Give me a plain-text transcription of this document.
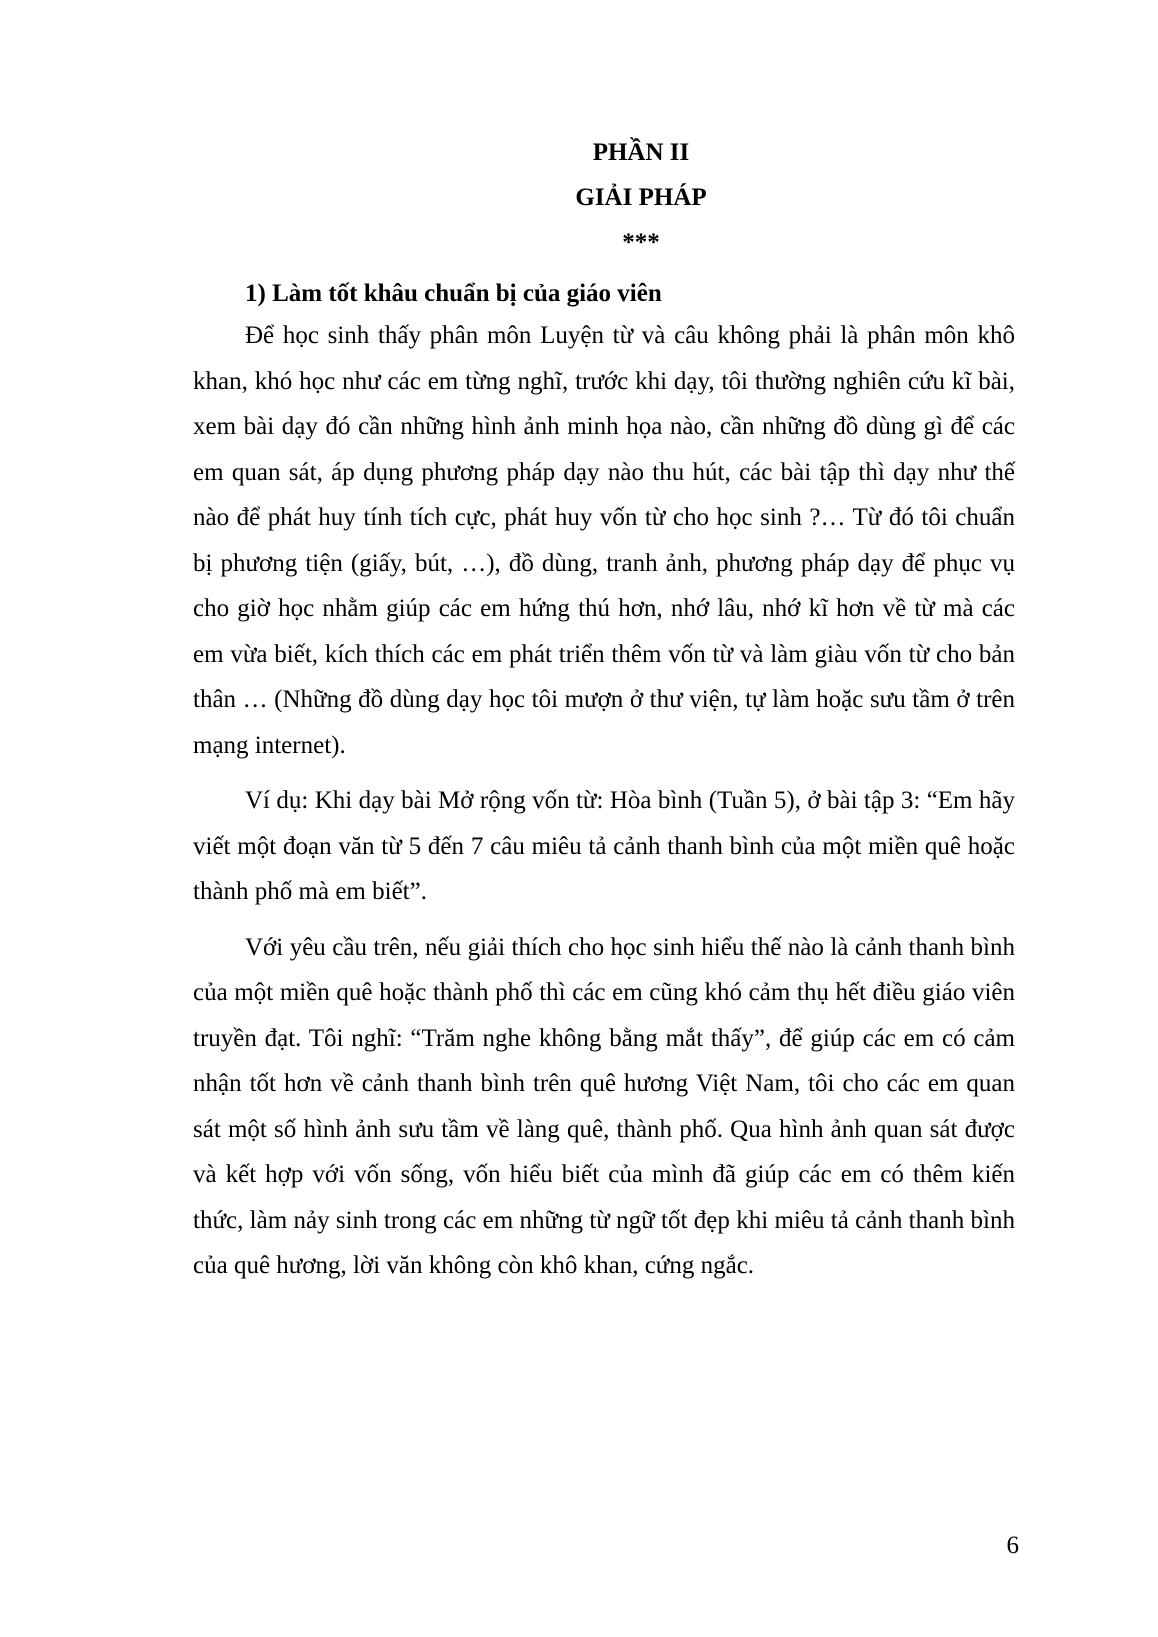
PHẦN II
GIẢI PHÁP
***
1) Làm tốt khâu chuẩn bị của giáo viên

Để học sinh thấy phân môn Luyện từ và câu không phải là phân môn khô khan, khó học như các em từng nghĩ, trước khi dạy, tôi thường nghiên cứu kĩ bài, xem bài dạy đó cần những hình ảnh minh họa nào, cần những đồ dùng gì để các em quan sát, áp dụng phương pháp dạy nào thu hút, các bài tập thì dạy như thế nào để phát huy tính tích cực, phát huy vốn từ cho học sinh ?… Từ đó tôi chuẩn bị phương tiện (giấy, bút, …), đồ dùng, tranh ảnh, phương pháp dạy để phục vụ cho giờ học nhằm giúp các em hứng thú hơn, nhớ lâu, nhớ kĩ hơn về từ mà các em vừa biết, kích thích các em phát triển thêm vốn từ và làm giàu vốn từ cho bản thân … (Những đồ dùng dạy học tôi mượn ở thư viện, tự làm hoặc sưu tầm ở trên mạng internet).

Ví dụ: Khi dạy bài Mở rộng vốn từ: Hòa bình (Tuần 5), ở bài tập 3: “Em hãy viết một đoạn văn từ 5 đến 7 câu miêu tả cảnh thanh bình của một miền quê hoặc thành phố mà em biết”.

Với yêu cầu trên, nếu giải thích cho học sinh hiểu thế nào là cảnh thanh bình của một miền quê hoặc thành phố thì các em cũng khó cảm thụ hết điều giáo viên truyền đạt. Tôi nghĩ: “Trăm nghe không bằng mắt thấy”, để giúp các em có cảm nhận tốt hơn về cảnh thanh bình trên quê hương Việt Nam, tôi cho các em quan sát một số hình ảnh sưu tầm về làng quê, thành phố. Qua hình ảnh quan sát được và kết hợp với vốn sống, vốn hiểu biết của mình đã giúp các em có thêm kiến thức, làm nảy sinh trong các em những từ ngữ tốt đẹp khi miêu tả cảnh thanh bình của quê hương, lời văn không còn khô khan, cứng ngắc.

6
